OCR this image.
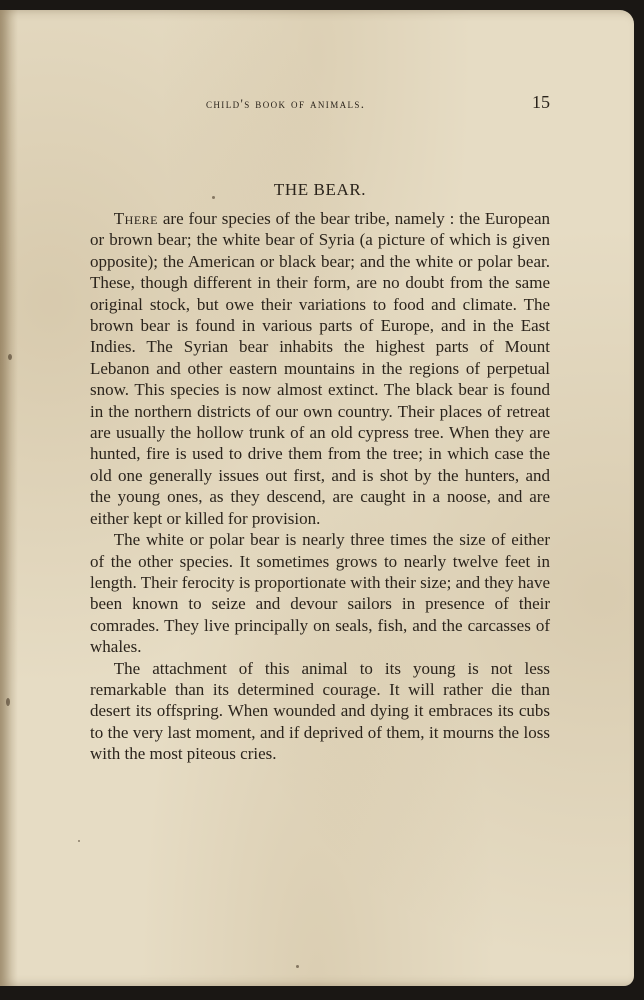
child's book of animals.	15
THE BEAR.

There are four species of the bear tribe, namely : the European or brown bear; the white bear of Syria (a picture of which is given opposite); the American or black bear; and the white or polar bear. These, though different in their form, are no doubt from the same original stock, but owe their variations to food and climate. The brown bear is found in various parts of Europe, and in the East Indies. The Syrian bear inhabits the highest parts of Mount Lebanon and other eastern mountains in the regions of perpetual snow. This species is now almost extinct. The black bear is found in the northern districts of our own country. Their places of retreat are usually the hollow trunk of an old cypress tree. When they are hunted, fire is used to drive them from the tree; in which case the old one generally issues out first, and is shot by the hunters, and the young ones, as they descend, are caught in a noose, and are either kept or killed for provision.

The white or polar bear is nearly three times the size of either of the other species. It sometimes grows to nearly twelve feet in length. Their ferocity is proportionate with their size; and they have been known to seize and devour sailors in presence of their comrades. They live principally on seals, fish, and the carcasses of whales.

The attachment of this animal to its young is not less remarkable than its determined courage. It will rather die than desert its offspring. When wounded and dying it embraces its cubs to the very last moment, and if deprived of them, it mourns the loss with the most piteous cries.
